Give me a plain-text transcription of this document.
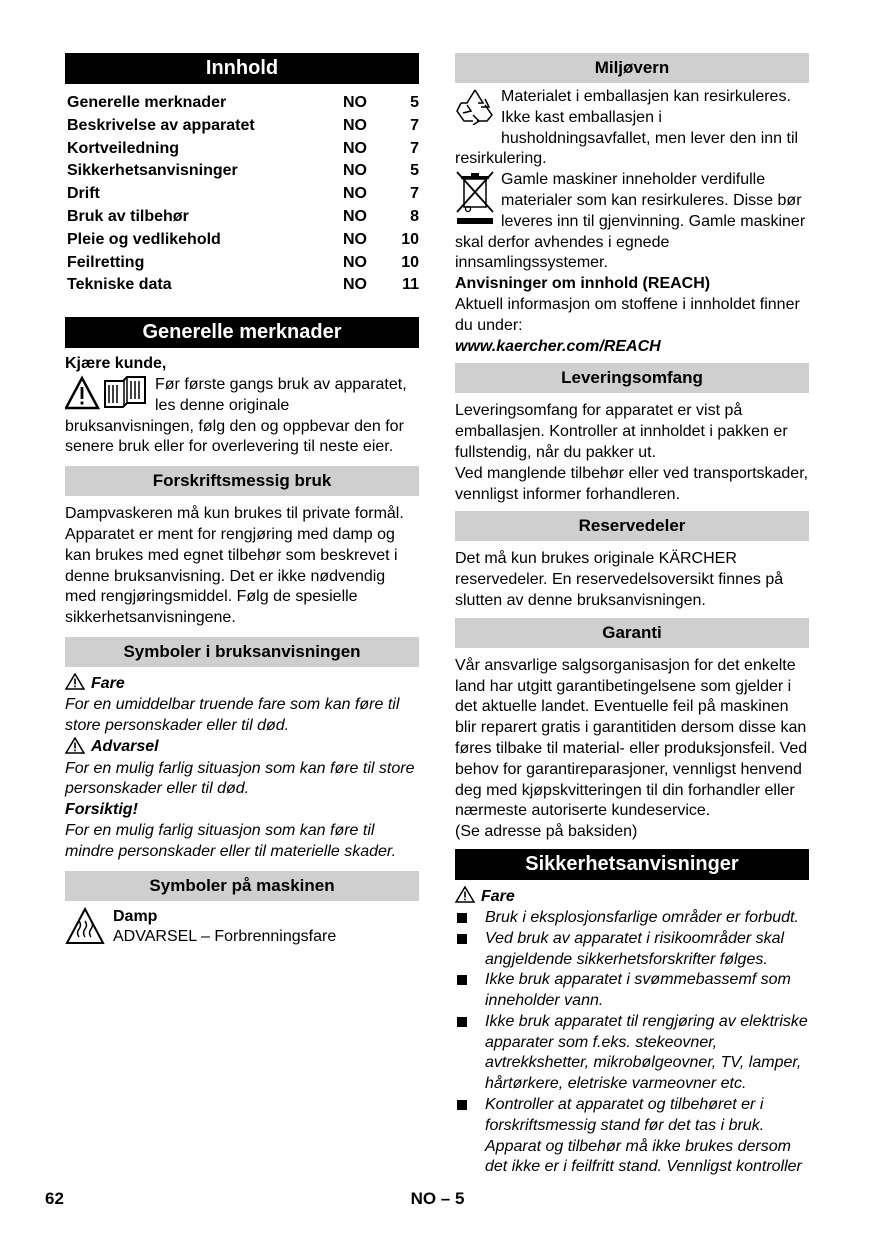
Innhold
Generelle merknader	NO	5
Beskrivelse av apparatet	NO	7
Kortveiledning	NO	7
Sikkerhetsanvisninger	NO	5
Drift	NO	7
Bruk av tilbehør	NO	8
Pleie og vedlikehold	NO	10
Feilretting	NO	10
Tekniske data	NO	11
Generelle merknader

Kjære kunde,

Før første gangs bruk av apparatet, les denne originale bruksanvisningen, følg den og oppbevar den for senere bruk eller for overlevering til neste eier.

Forskriftsmessig bruk

Dampvaskeren må kun brukes til private formål. Apparatet er ment for rengjøring med damp og kan brukes med egnet tilbehør som beskrevet i denne bruksanvisning. Det er ikke nødvendig med rengjøringsmiddel. Følg de spesielle sikkerhetsanvisningene.

Symboler i bruksanvisningen

Fare

For en umiddelbar truende fare som kan føre til store personskader eller til død.

Advarsel

For en mulig farlig situasjon som kan føre til store personskader eller til død.

Forsiktig!

For en mulig farlig situasjon som kan føre til mindre personskader eller til materielle skader.

Symboler på maskinen

Damp

ADVARSEL – Forbrenningsfare

Miljøvern

Materialet i emballasjen kan resirkuleres. Ikke kast emballasjen i husholdningsavfallet, men lever den inn til resirkulering.

Gamle maskiner inneholder verdifulle materialer som kan resirkuleres. Disse bør leveres inn til gjenvinning. Gamle maskiner skal derfor avhendes i egnede innsamlingssystemer.

Anvisninger om innhold (REACH)

Aktuell informasjon om stoffene i innholdet finner du under:

www.kaercher.com/REACH

Leveringsomfang

Leveringsomfang for apparatet er vist på emballasjen. Kontroller at innholdet i pakken er fullstendig, når du pakker ut.

Ved manglende tilbehør eller ved transportskader, vennligst informer forhandleren.

Reservedeler

Det må kun brukes originale KÄRCHER reservedeler. En reservedelsoversikt finnes på slutten av denne bruksanvisningen.

Garanti

Vår ansvarlige salgsorganisasjon for det enkelte land har utgitt garantibetingelsene som gjelder i det aktuelle landet. Eventuelle feil på maskinen blir reparert gratis i garantitiden dersom disse kan føres tilbake til material- eller produksjonsfeil. Ved behov for garantireparasjoner, vennligst henvend deg med kjøpskvitteringen til din forhandler eller nærmeste autoriserte kundeservice.

(Se adresse på baksiden)

Sikkerhetsanvisninger

Fare

Bruk i eksplosjonsfarlige områder er forbudt.
Ved bruk av apparatet i risikoområder skal angjeldende sikkerhetsforskrifter følges.
Ikke bruk apparatet i svømmebassemf som inneholder vann.
Ikke bruk apparatet til rengjøring av elektriske apparater som f.eks. stekeovner, avtrekkshetter, mikrobølgeovner, TV, lamper, hårtørkere, eletriske varmeovner etc.
Kontroller at apparatet og tilbehøret er i forskriftsmessig stand før det tas i bruk. Apparat og tilbehør må ikke brukes dersom det ikke er i feilfritt stand. Vennligst kontroller
62	NO – 5
